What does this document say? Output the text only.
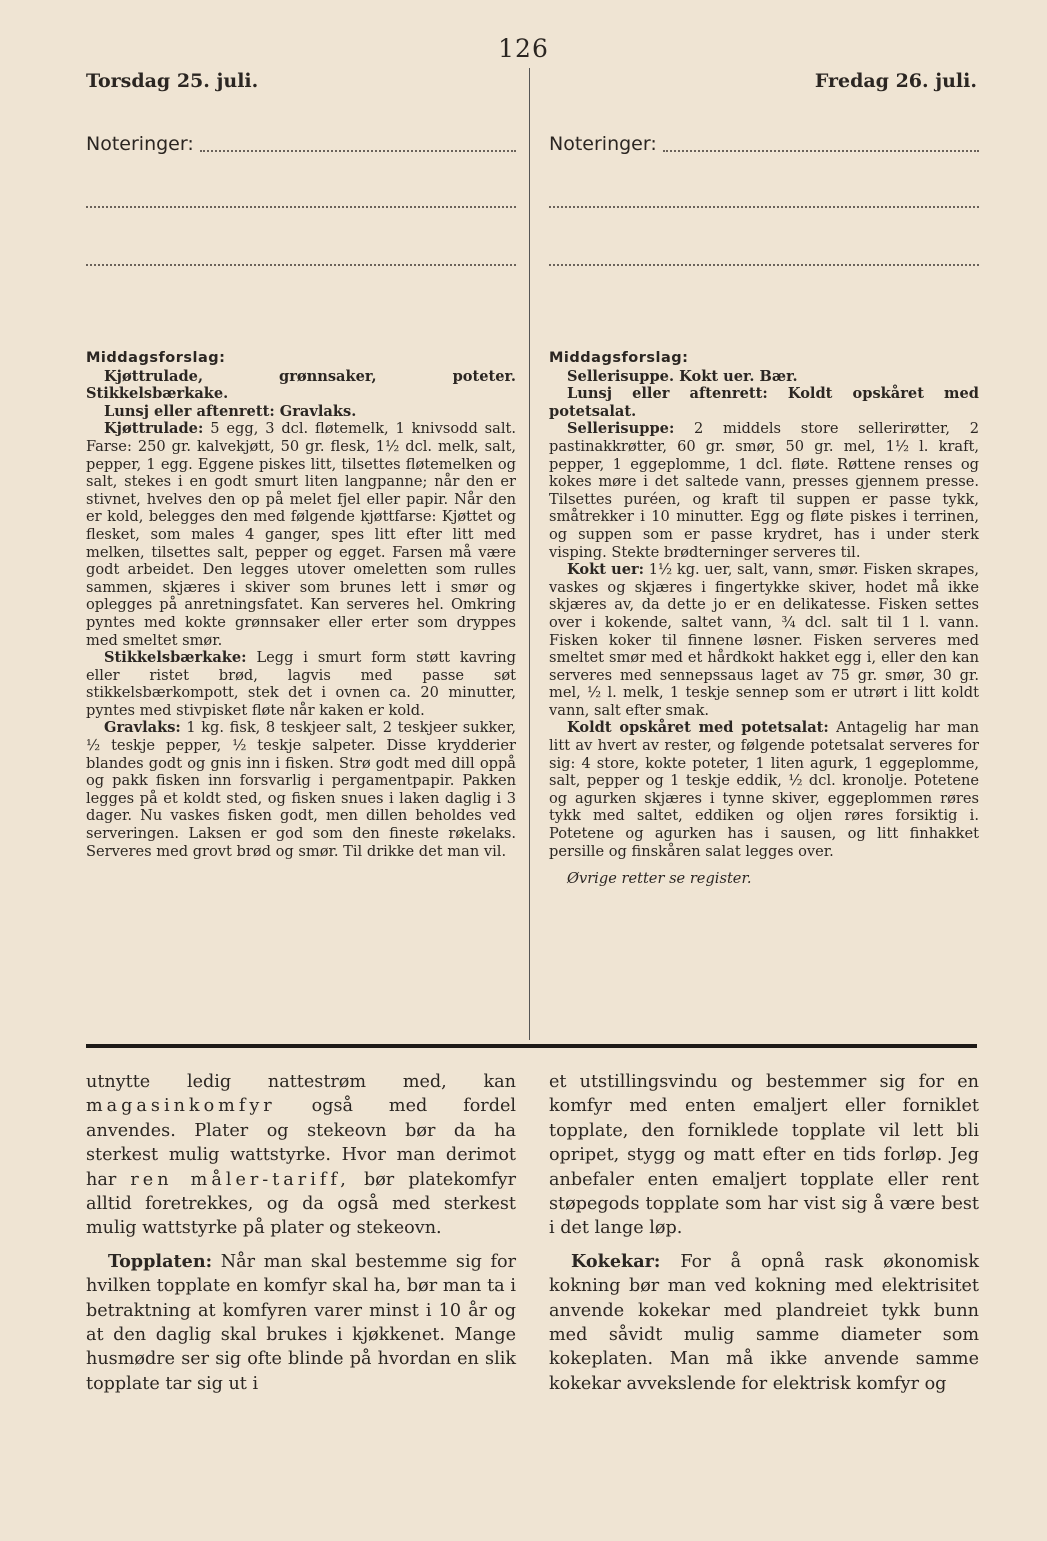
126
Torsdag 25. juli.	Fredag 26. juli.
Noteringer:	Noteringer:

Middagsforslag:

Kjøttrulade, grønnsaker, poteter. Stikkelsbærkake.

Lunsj eller aftenrett: Gravlaks.

Kjøttrulade: 5 egg, 3 dcl. fløtemelk, 1 knivsodd salt. Farse: 250 gr. kalvekjøtt, 50 gr. flesk, 1½ dcl. melk, salt, pepper, 1 egg. Eggene piskes litt, tilsettes fløtemelken og salt, stekes i en godt smurt liten langpanne; når den er stivnet, hvelves den op på melet fjel eller papir. Når den er kold, belegges den med følgende kjøttfarse: Kjøttet og flesket, som males 4 ganger, spes litt efter litt med melken, tilsettes salt, pepper og egget. Farsen må være godt arbeidet. Den legges utover omeletten som rulles sammen, skjæres i skiver som brunes lett i smør og oplegges på anretningsfatet. Kan serveres hel. Omkring pyntes med kokte grønnsaker eller erter som dryppes med smeltet smør.

Stikkelsbærkake: Legg i smurt form støtt kavring eller ristet brød, lagvis med passe søt stikkelsbærkompott, stek det i ovnen ca. 20 minutter, pyntes med stivpisket fløte når kaken er kold.

Gravlaks: 1 kg. fisk, 8 teskjeer salt, 2 teskjeer sukker, ½ teskje pepper, ½ teskje salpeter. Disse krydderier blandes godt og gnis inn i fisken. Strø godt med dill oppå og pakk fisken inn forsvarlig i pergamentpapir. Pakken legges på et koldt sted, og fisken snues i laken daglig i 3 dager. Nu vaskes fisken godt, men dillen beholdes ved serveringen. Laksen er god som den fineste røkelaks. Serveres med grovt brød og smør. Til drikke det man vil.

Middagsforslag:

Sellerisuppe. Kokt uer. Bær.

Lunsj eller aftenrett: Koldt opskåret med potetsalat.

Sellerisuppe: 2 middels store sellerirøtter, 2 pastinakkrøtter, 60 gr. smør, 50 gr. mel, 1½ l. kraft, pepper, 1 eggeplomme, 1 dcl. fløte. Røttene renses og kokes møre i det saltede vann, presses gjennem presse. Tilsettes puréen, og kraft til suppen er passe tykk, småtrekker i 10 minutter. Egg og fløte piskes i terrinen, og suppen som er passe krydret, has i under sterk visping. Stekte brødterninger serveres til.

Kokt uer: 1½ kg. uer, salt, vann, smør. Fisken skrapes, vaskes og skjæres i fingertykke skiver, hodet må ikke skjæres av, da dette jo er en delikatesse. Fisken settes over i kokende, saltet vann, ¾ dcl. salt til 1 l. vann. Fisken koker til finnene løsner. Fisken serveres med smeltet smør med et hårdkokt hakket egg i, eller den kan serveres med sennepssaus laget av 75 gr. smør, 30 gr. mel, ½ l. melk, 1 teskje sennep som er utrørt i litt koldt vann, salt efter smak.

Koldt opskåret med potetsalat: Antagelig har man litt av hvert av rester, og følgende potetsalat serveres for sig: 4 store, kokte poteter, 1 liten agurk, 1 eggeplomme, salt, pepper og 1 teskje eddik, ½ dcl. kronolje. Potetene og agurken skjæres i tynne skiver, eggeplommen røres tykk med saltet, eddiken og oljen røres forsiktig i. Potetene og agurken has i sausen, og litt finhakket persille og finskåren salat legges over.

Øvrige retter se register.

utnytte ledig nattestrøm med, kan magasinkomfyr også med fordel anvendes. Plater og stekeovn bør da ha sterkest mulig wattstyrke. Hvor man derimot har ren måler-tariff, bør platekomfyr alltid foretrekkes, og da også med sterkest mulig wattstyrke på plater og stekeovn.

Topplaten: Når man skal bestemme sig for hvilken topplate en komfyr skal ha, bør man ta i betraktning at komfyren varer minst i 10 år og at den daglig skal brukes i kjøkkenet. Mange husmødre ser sig ofte blinde på hvordan en slik topplate tar sig ut i

et utstillingsvindu og bestemmer sig for en komfyr med enten emaljert eller forniklet topplate, den forniklede topplate vil lett bli opripet, stygg og matt efter en tids forløp. Jeg anbefaler enten emaljert topplate eller rent støpegods topplate som har vist sig å være best i det lange løp.

Kokekar: For å opnå rask økonomisk kokning bør man ved kokning med elektrisitet anvende kokekar med plandreiet tykk bunn med såvidt mulig samme diameter som kokeplaten. Man må ikke anvende samme kokekar avvekslende for elektrisk komfyr og
